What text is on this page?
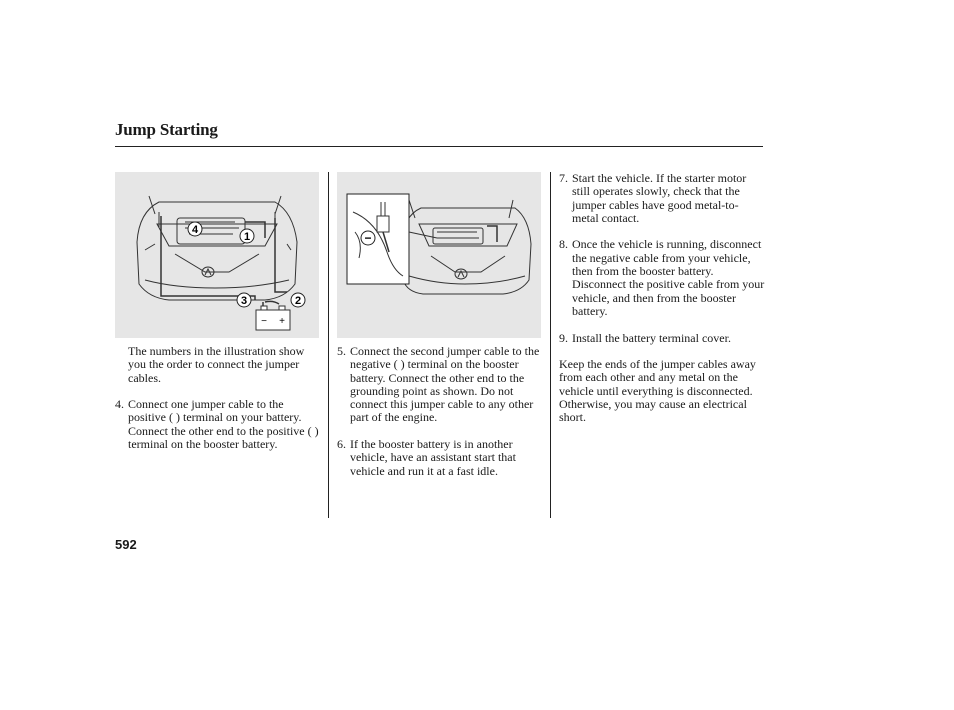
Jump Starting
4
1
3	2
− +
−

The numbers in the illustration show you the order to connect the jumper cables.

4. Connect one jumper cable to the positive ( ) terminal on your battery. Connect the other end to the positive ( ) terminal on the booster battery.

5. Connect the second jumper cable to the negative ( ) terminal on the booster battery. Connect the other end to the grounding point as shown. Do not connect this jumper cable to any other part of the engine.

6. If the booster battery is in another vehicle, have an assistant start that vehicle and run it at a fast idle.

7. Start the vehicle. If the starter motor still operates slowly, check that the jumper cables have good metal-to-metal contact.

8. Once the vehicle is running, disconnect the negative cable from your vehicle, then from the booster battery. Disconnect the positive cable from your vehicle, and then from the booster battery.

9. Install the battery terminal cover.

Keep the ends of the jumper cables away from each other and any metal on the vehicle until everything is disconnected. Otherwise, you may cause an electrical short.

592
